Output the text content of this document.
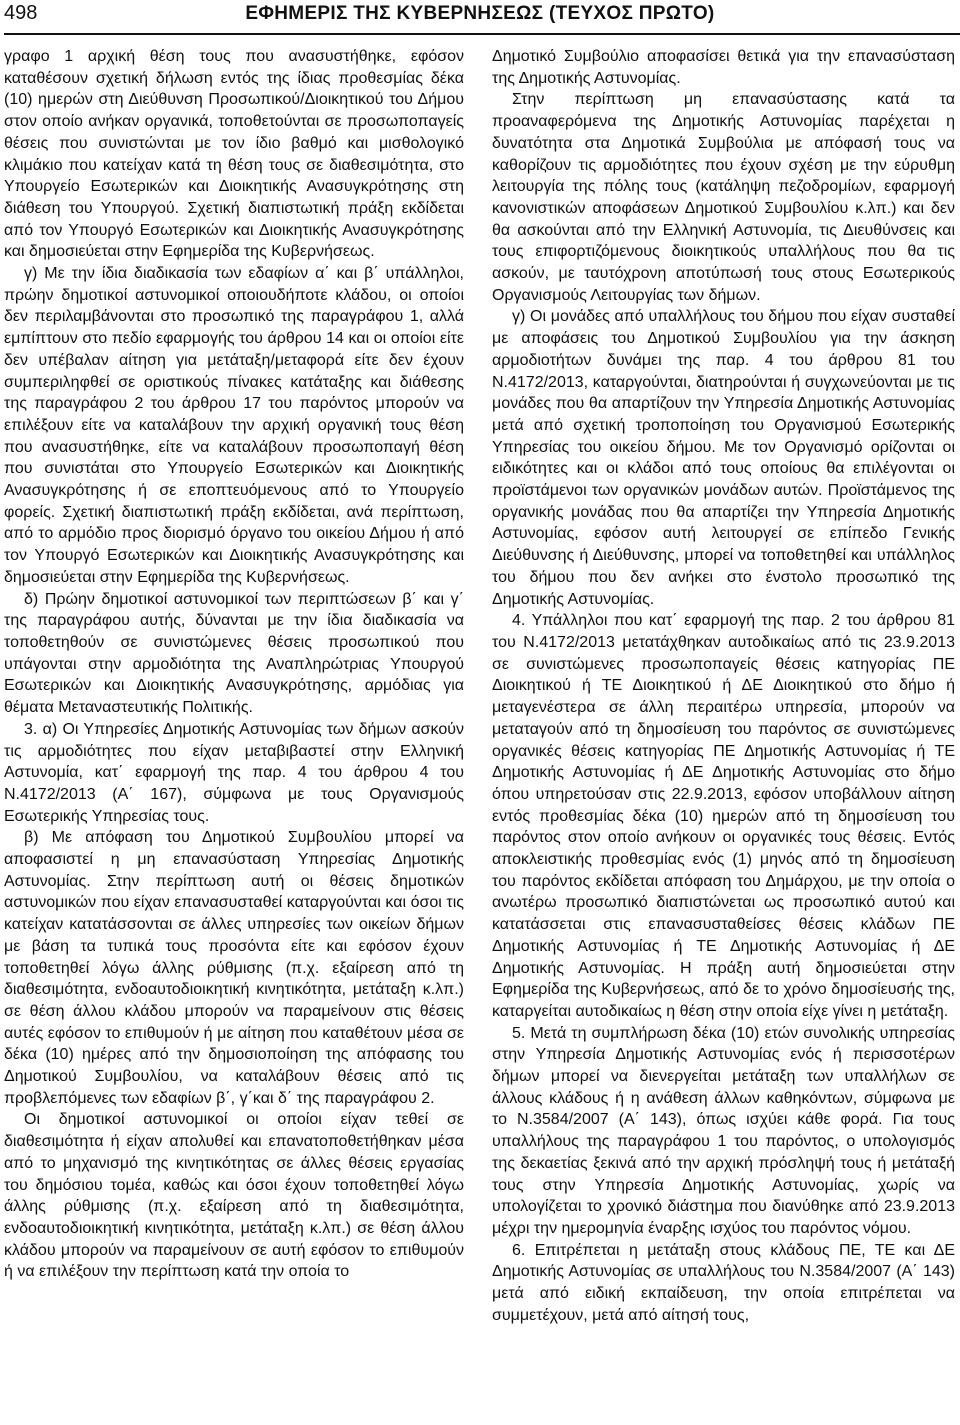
498	ΕΦΗΜΕΡΙΣ ΤΗΣ ΚΥΒΕΡΝΗΣΕΩΣ (ΤΕΥΧΟΣ ΠΡΩΤΟ)

γραφο 1 αρχική θέση τους που ανασυστήθηκε, εφόσον καταθέσουν σχετική δήλωση εντός της ίδιας προθεσμίας δέκα (10) ημερών στη Διεύθυνση Προσωπικού/Διοικητικού του Δήμου στον οποίο ανήκαν οργανικά, τοποθετούνται σε προσωποπαγείς θέσεις που συνιστώνται με τον ίδιο βαθμό και μισθολογικό κλιμάκιο που κατείχαν κατά τη θέση τους σε διαθεσιμότητα, στο Υπουργείο Εσωτερικών και Διοικητικής Ανασυγκρότησης στη διάθεση του Υπουργού. Σχετική διαπιστωτική πράξη εκδίδεται από τον Υπουργό Εσωτερικών και Διοικητικής Ανασυγκρότησης και δημοσιεύεται στην Εφημερίδα της Κυβερνήσεως.

γ) Με την ίδια διαδικασία των εδαφίων α΄ και β΄ υπάλληλοι, πρώην δημοτικοί αστυνομικοί οποιουδήποτε κλάδου, οι οποίοι δεν περιλαμβάνονται στο προσωπικό της παραγράφου 1, αλλά εμπίπτουν στο πεδίο εφαρμογής του άρθρου 14 και οι οποίοι είτε δεν υπέβαλαν αίτηση για μετάταξη/μεταφορά είτε δεν έχουν συμπεριληφθεί σε οριστικούς πίνακες κατάταξης και διάθεσης της παραγράφου 2 του άρθρου 17 του παρόντος μπορούν να επιλέξουν είτε να καταλάβουν την αρχική οργανική τους θέση που ανασυστήθηκε, είτε να καταλάβουν προσωποπαγή θέση που συνιστάται στο Υπουργείο Εσωτερικών και Διοικητικής Ανασυγκρότησης ή σε εποπτευόμενους από το Υπουργείο φορείς. Σχετική διαπιστωτική πράξη εκδίδεται, ανά περίπτωση, από το αρμόδιο προς διορισμό όργανο του οικείου Δήμου ή από τον Υπουργό Εσωτερικών και Διοικητικής Ανασυγκρότησης και δημοσιεύεται στην Εφημερίδα της Κυβερνήσεως.

δ) Πρώην δημοτικοί αστυνομικοί των περιπτώσεων β΄ και γ΄ της παραγράφου αυτής, δύνανται με την ίδια διαδικασία να τοποθετηθούν σε συνιστώμενες θέσεις προσωπικού που υπάγονται στην αρμοδιότητα της Αναπληρώτριας Υπουργού Εσωτερικών και Διοικητικής Ανασυγκρότησης, αρμόδιας για θέματα Μεταναστευτικής Πολιτικής.

3. α) Οι Υπηρεσίες Δημοτικής Αστυνομίας των δήμων ασκούν τις αρμοδιότητες που είχαν μεταβιβαστεί στην Ελληνική Αστυνομία, κατ΄ εφαρμογή της παρ. 4 του άρθρου 4 του Ν.4172/2013 (Α΄ 167), σύμφωνα με τους Οργανισμούς Εσωτερικής Υπηρεσίας τους.

β) Με απόφαση του Δημοτικού Συμβουλίου μπορεί να αποφασιστεί η μη επανασύσταση Υπηρεσίας Δημοτικής Αστυνομίας. Στην περίπτωση αυτή οι θέσεις δημοτικών αστυνομικών που είχαν επανασυσταθεί καταργούνται και όσοι τις κατείχαν κατατάσσονται σε άλλες υπηρεσίες των οικείων δήμων με βάση τα τυπικά τους προσόντα είτε και εφόσον έχουν τοποθετηθεί λόγω άλλης ρύθμισης (π.χ. εξαίρεση από τη διαθεσιμότητα, ενδοαυτοδιοικητική κινητικότητα, μετάταξη κ.λπ.) σε θέση άλλου κλάδου μπορούν να παραμείνουν στις θέσεις αυτές εφόσον το επιθυμούν ή με αίτηση που καταθέτουν μέσα σε δέκα (10) ημέρες από την δημοσιοποίηση της απόφασης του Δημοτικού Συμβουλίου, να καταλάβουν θέσεις από τις προβλεπόμενες των εδαφίων β΄, γ΄και δ΄ της παραγράφου 2.

Οι δημοτικοί αστυνομικοί οι οποίοι είχαν τεθεί σε διαθεσιμότητα ή είχαν απολυθεί και επανατοποθετήθηκαν μέσα από το μηχανισμό της κινητικότητας σε άλλες θέσεις εργασίας του δημόσιου τομέα, καθώς και όσοι έχουν τοποθετηθεί λόγω άλλης ρύθμισης (π.χ. εξαίρεση από τη διαθεσιμότητα, ενδοαυτοδιοικητική κινητικότητα, μετάταξη κ.λπ.) σε θέση άλλου κλάδου μπορούν να παραμείνουν σε αυτή εφόσον το επιθυμούν ή να επιλέξουν την περίπτωση κατά την οποία το

Δημοτικό Συμβούλιο αποφασίσει θετικά για την επανασύσταση της Δημοτικής Αστυνομίας.

Στην περίπτωση μη επανασύστασης κατά τα προαναφερόμενα της Δημοτικής Αστυνομίας παρέχεται η δυνατότητα στα Δημοτικά Συμβούλια με απόφασή τους να καθορίζουν τις αρμοδιότητες που έχουν σχέση με την εύρυθμη λειτουργία της πόλης τους (κατάληψη πεζοδρομίων, εφαρμογή κανονιστικών αποφάσεων Δημοτικού Συμβουλίου κ.λπ.) και δεν θα ασκούνται από την Ελληνική Αστυνομία, τις Διευθύνσεις και τους επιφορτιζόμενους διοικητικούς υπαλλήλους που θα τις ασκούν, με ταυτόχρονη αποτύπωσή τους στους Εσωτερικούς Οργανισμούς Λειτουργίας των δήμων.

γ) Οι μονάδες από υπαλλήλους του δήμου που είχαν συσταθεί με αποφάσεις του Δημοτικού Συμβουλίου για την άσκηση αρμοδιοτήτων δυνάμει της παρ. 4 του άρθρου 81 του Ν.4172/2013, καταργούνται, διατηρούνται ή συγχωνεύονται με τις μονάδες που θα απαρτίζουν την Υπηρεσία Δημοτικής Αστυνομίας μετά από σχετική τροποποίηση του Οργανισμού Εσωτερικής Υπηρεσίας του οικείου δήμου. Με τον Οργανισμό ορίζονται οι ειδικότητες και οι κλάδοι από τους οποίους θα επιλέγονται οι προϊστάμενοι των οργανικών μονάδων αυτών. Προϊστάμενος της οργανικής μονάδας που θα απαρτίζει την Υπηρεσία Δημοτικής Αστυνομίας, εφόσον αυτή λειτουργεί σε επίπεδο Γενικής Διεύθυνσης ή Διεύθυνσης, μπορεί να τοποθετηθεί και υπάλληλος του δήμου που δεν ανήκει στο ένστολο προσωπικό της Δημοτικής Αστυνομίας.

4. Υπάλληλοι που κατ΄ εφαρμογή της παρ. 2 του άρθρου 81 του Ν.4172/2013 μετατάχθηκαν αυτοδικαίως από τις 23.9.2013 σε συνιστώμενες προσωποπαγείς θέσεις κατηγορίας ΠΕ Διοικητικού ή ΤΕ Διοικητικού ή ΔΕ Διοικητικού στο δήμο ή μεταγενέστερα σε άλλη περαιτέρω υπηρεσία, μπορούν να μεταταγούν από τη δημοσίευση του παρόντος σε συνιστώμενες οργανικές θέσεις κατηγορίας ΠΕ Δημοτικής Αστυνομίας ή ΤΕ Δημοτικής Αστυνομίας ή ΔΕ Δημοτικής Αστυνομίας στο δήμο όπου υπηρετούσαν στις 22.9.2013, εφόσον υποβάλλουν αίτηση εντός προθεσμίας δέκα (10) ημερών από τη δημοσίευση του παρόντος στον οποίο ανήκουν οι οργανικές τους θέσεις. Εντός αποκλειστικής προθεσμίας ενός (1) μηνός από τη δημοσίευση του παρόντος εκδίδεται απόφαση του Δημάρχου, με την οποία ο ανωτέρω προσωπικό διαπιστώνεται ως προσωπικό αυτού και κατατάσσεται στις επανασυσταθείσες θέσεις κλάδων ΠΕ Δημοτικής Αστυνομίας ή ΤΕ Δημοτικής Αστυνομίας ή ΔΕ Δημοτικής Αστυνομίας. Η πράξη αυτή δημοσιεύεται στην Εφημερίδα της Κυβερνήσεως, από δε το χρόνο δημοσίευσής της, καταργείται αυτοδικαίως η θέση στην οποία είχε γίνει η μετάταξη.

5. Μετά τη συμπλήρωση δέκα (10) ετών συνολικής υπηρεσίας στην Υπηρεσία Δημοτικής Αστυνομίας ενός ή περισσοτέρων δήμων μπορεί να διενεργείται μετάταξη των υπαλλήλων σε άλλους κλάδους ή η ανάθεση άλλων καθηκόντων, σύμφωνα με το Ν.3584/2007 (Α΄ 143), όπως ισχύει κάθε φορά. Για τους υπαλλήλους της παραγράφου 1 του παρόντος, ο υπολογισμός της δεκαετίας ξεκινά από την αρχική πρόσληψή τους ή μετάταξή τους στην Υπηρεσία Δημοτικής Αστυνομίας, χωρίς να υπολογίζεται το χρονικό διάστημα που διανύθηκε από 23.9.2013 μέχρι την ημερομηνία έναρξης ισχύος του παρόντος νόμου.

6. Επιτρέπεται η μετάταξη στους κλάδους ΠΕ, ΤΕ και ΔΕ Δημοτικής Αστυνομίας σε υπαλλήλους του Ν.3584/2007 (Α΄ 143) μετά από ειδική εκπαίδευση, την οποία επιτρέπεται να συμμετέχουν, μετά από αίτησή τους,
